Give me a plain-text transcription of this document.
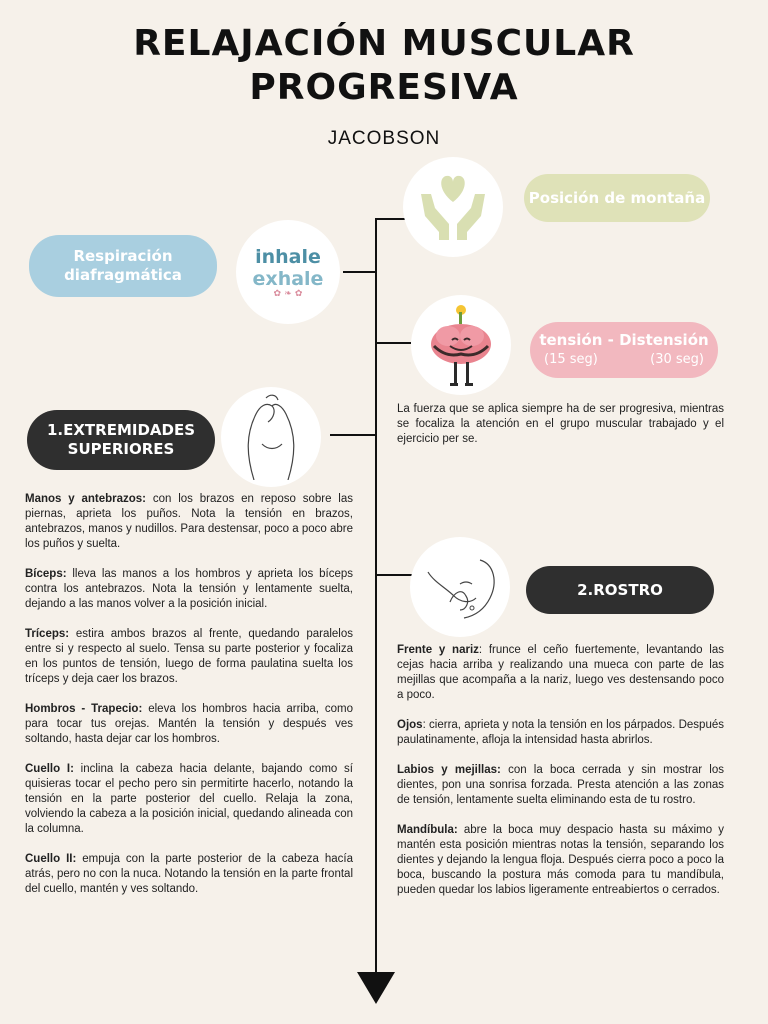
RELAJACIÓN MUSCULAR
PROGRESIVA
JACOBSON
Respiración
diafragmática
inhale
exhale
✿ ❧ ✿
Posición de montaña
tensión - Distensión
(15 seg)	(30 seg)
La fuerza que se aplica siempre ha de ser progresiva, mientras se focaliza la atención en el grupo muscular trabajado y el ejercicio per se.
1.EXTREMIDADES
SUPERIORES

Manos y antebrazos: con los brazos en reposo sobre las piernas, aprieta los puños. Nota la tensión en brazos, antebrazos, manos y nudillos. Para destensar, poco a poco abre los puños y suelta.

Bíceps: lleva las manos a los hombros y aprieta los bíceps contra los antebrazos. Nota la tensión y lentamente suelta, dejando a las manos volver a la posición inicial.

Tríceps: estira ambos brazos al frente, quedando paralelos entre si y respecto al suelo. Tensa su parte posterior y focaliza en los puntos de tensión, luego de forma paulatina suelta los tríceps y deja caer los brazos.

Hombros - Trapecio: eleva los hombros hacia arriba, como para tocar tus orejas. Mantén la tensión y después ves soltando, hasta dejar car los hombros.

Cuello I: inclina la cabeza hacia delante, bajando como sí quisieras tocar el pecho pero sin permitirte hacerlo, notando la tensión en la parte posterior del cuello. Relaja la zona, volviendo la cabeza a la posición inicial, quedando alineada con la columna.

Cuello II: empuja con la parte posterior de la cabeza hacía atrás, pero no con la nuca. Notando la tensión en la parte frontal del cuello, mantén y ves soltando.

2.ROSTRO

Frente y nariz: frunce el ceño fuertemente, levantando las cejas hacia arriba y realizando una mueca con parte de las mejillas que acompaña a la nariz, luego ves destensando poco a poco.

Ojos: cierra, aprieta y nota la tensión en los párpados. Después paulatinamente, afloja la intensidad hasta abrirlos.

Labios y mejillas: con la boca cerrada y sin mostrar los dientes, pon una sonrisa forzada. Presta atención a las zonas de tensión, lentamente suelta eliminando esta de tu rostro.

Mandíbula: abre la boca muy despacio hasta su máximo y mantén esta posición mientras notas la tensión, separando los dientes y dejando la lengua floja. Después cierra poco a poco la boca, buscando la postura más comoda para tu mandíbula, pueden quedar los labios ligeramente entreabiertos o cerrados.
